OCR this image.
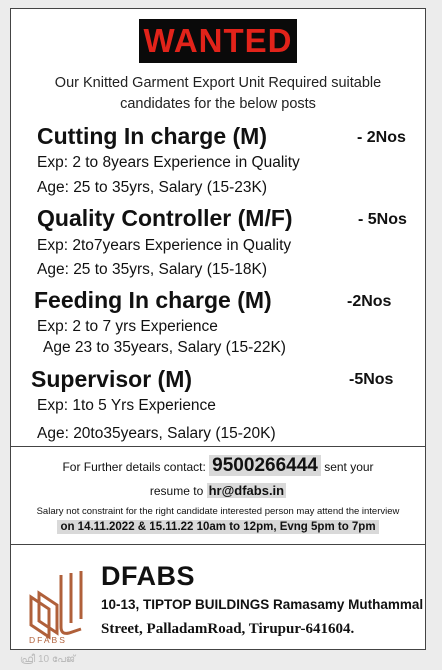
WANTED
Our Knitted Garment Export Unit Required suitable
candidates for the below posts
Cutting In charge (M)	- 2Nos
Exp: 2 to 8years Experience in Quality
Age: 25 to 35yrs, Salary (15-23K)
Quality Controller (M/F)	- 5Nos
Exp: 2to7years Experience in Quality
Age: 25 to 35yrs, Salary (15-18K)
Feeding In charge (M)	-2Nos
Exp: 2 to 7 yrs Experience
Age 23 to 35years, Salary (15-22K)
Supervisor (M)	-5Nos
Exp: 1to 5 Yrs Experience
Age: 20to35years, Salary (15-20K)
For Further details contact: 9500266444 sent your
resume to hr@dfabs.in
Salary not constraint for the right candidate interested person may attend the interview
on 14.11.2022 & 15.11.22 10am to 12pm, Evng 5pm to 7pm
DFABS
DFABS
10-13, TIPTOP BUILDINGS Ramasamy Muthammal
Street, PalladamRoad, Tirupur-641604.
ഫ്രീ 10 പേജ്
